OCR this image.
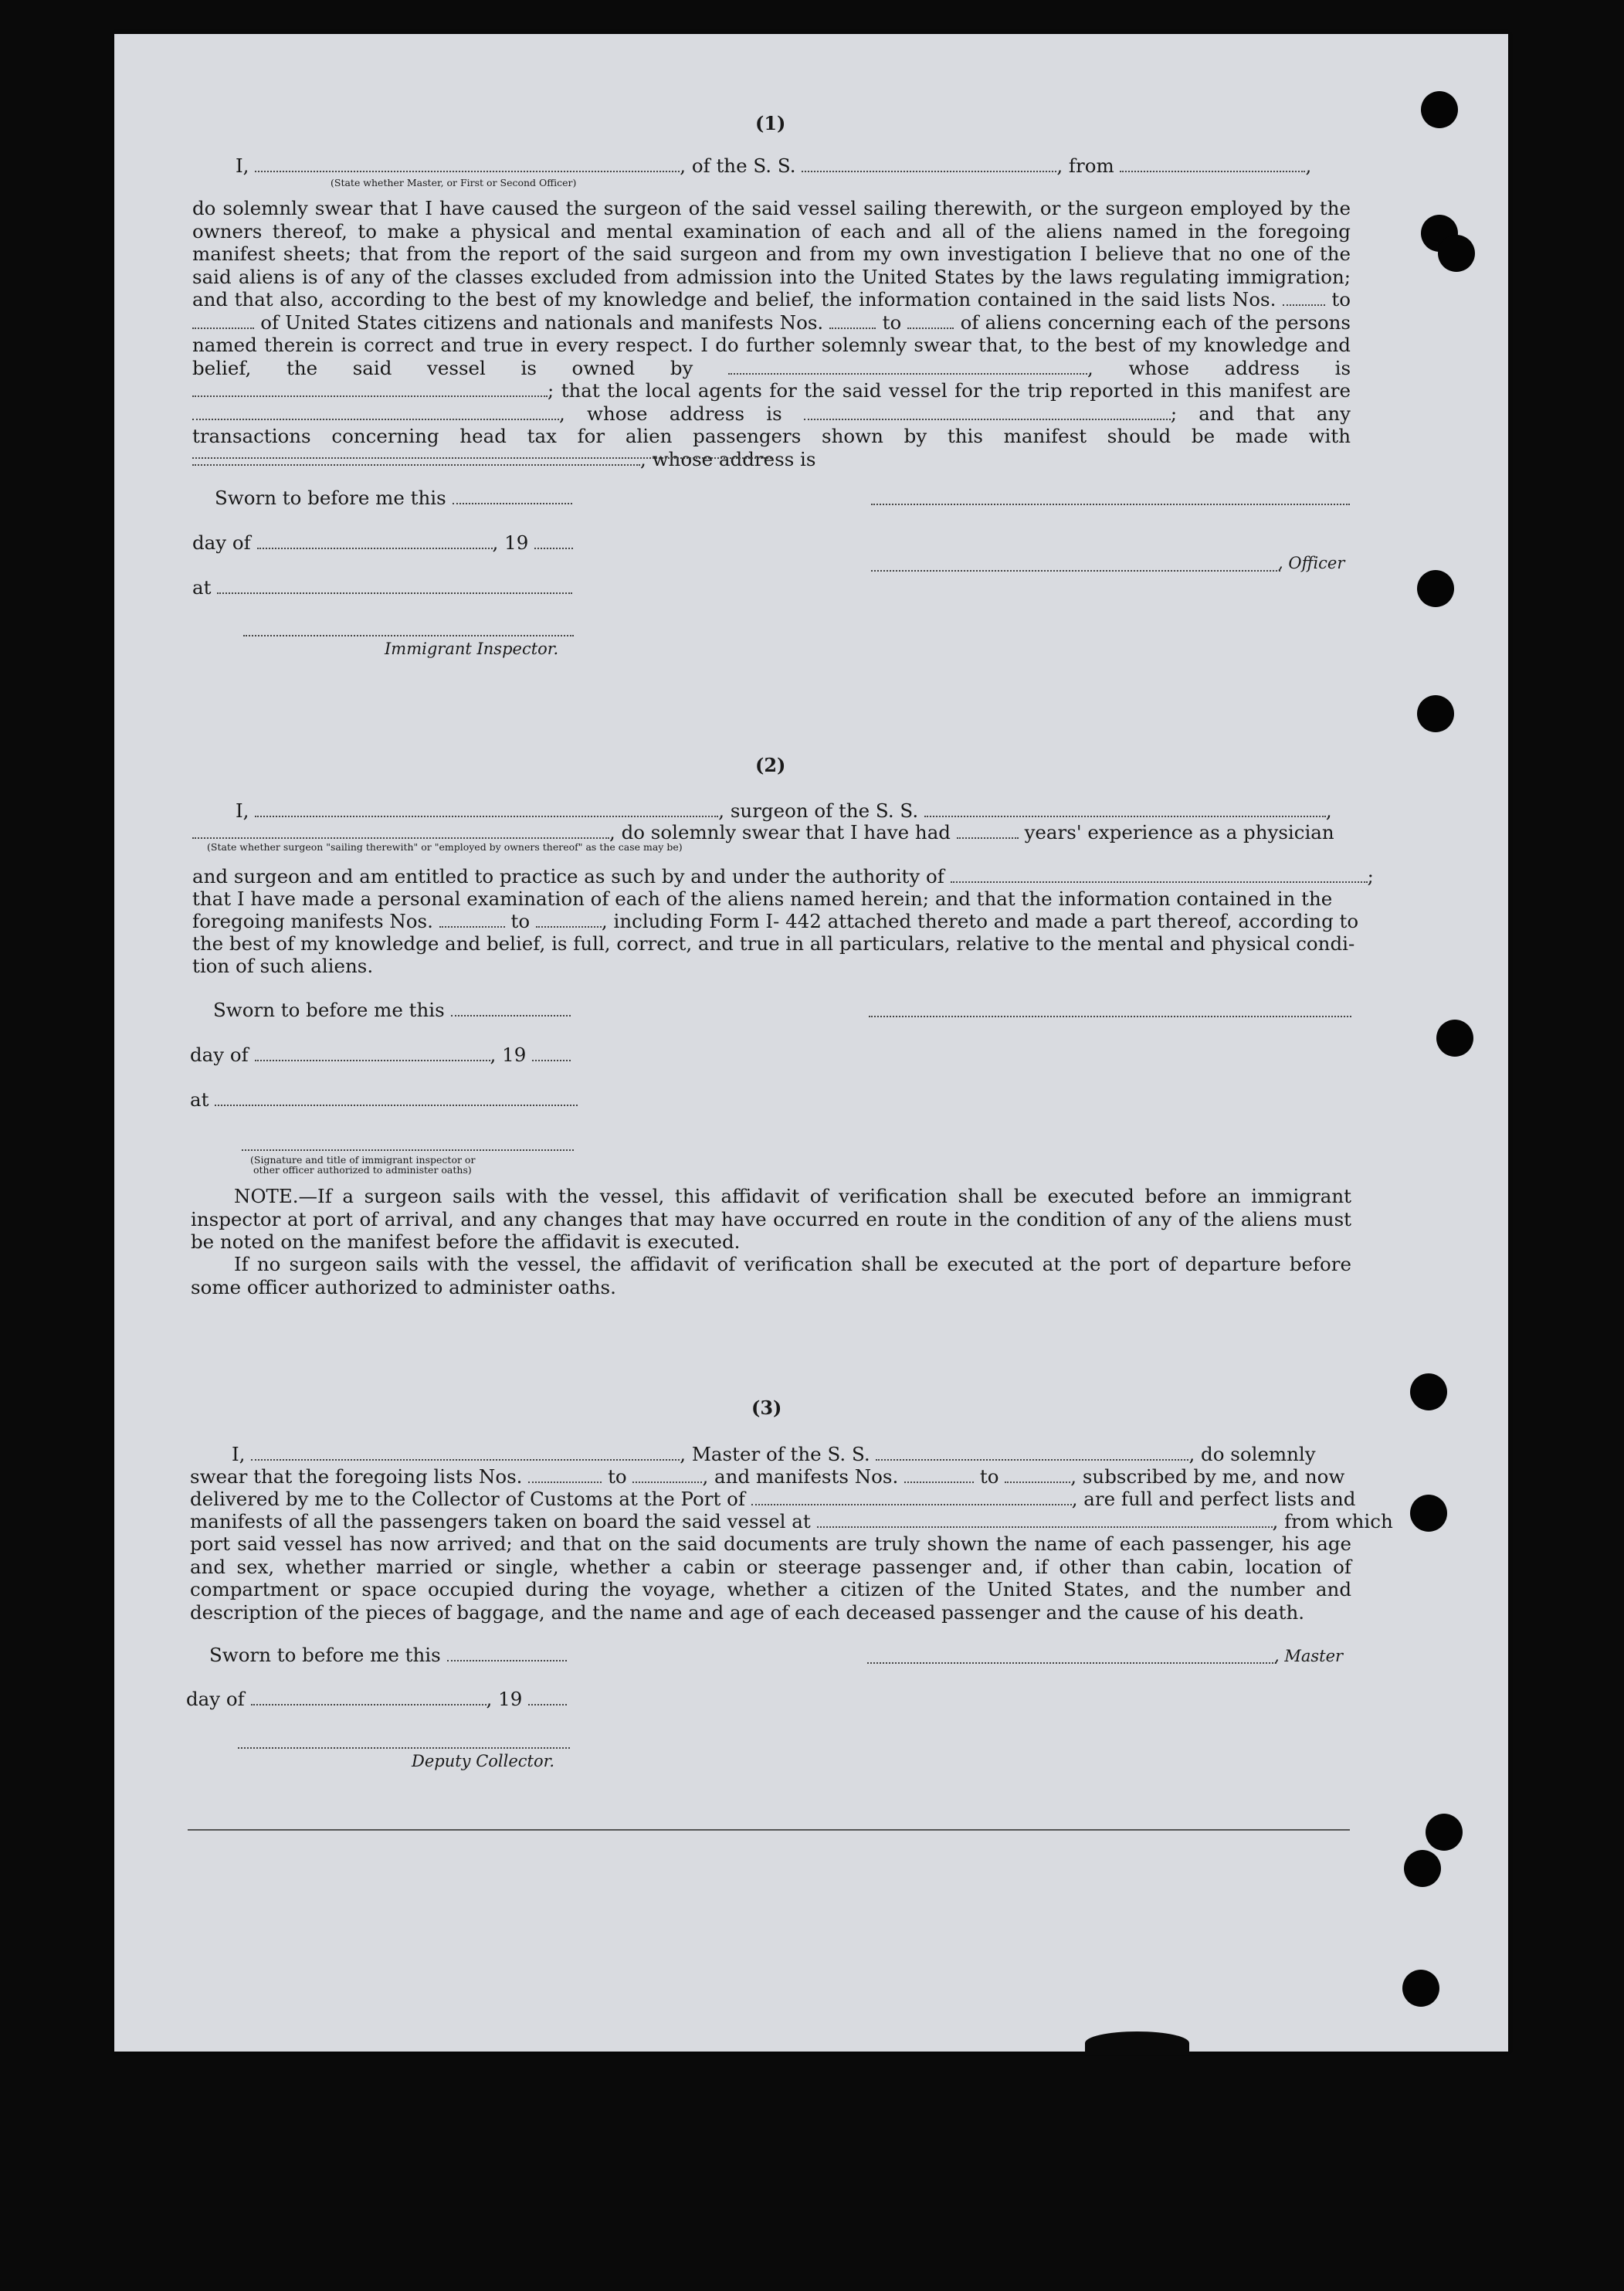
(1)
I,	, of the S. S.	, from	,
(State whether Master, or First or Second Officer)
do solemnly swear that I have caused the surgeon of the said vessel sailing therewith, or the surgeon employed by the owners thereof, to make a physical and mental examination of each and all of the aliens named in the foregoing manifest sheets; that from the report of the said surgeon and from my own investigation I believe that no one of the said aliens is of any of the classes excluded from admission into the United States by the laws regulating immigration; and that also, according to the best of my knowledge and belief, the information contained in the said lists Nos.	to  of United States citizens and nationals and manifests Nos.	to	of aliens concerning each of the persons named therein is correct and true in every respect. I do further solemnly swear that, to the best of my knowledge and belief, the said vessel is owned by	, whose address is ; that the local agents for the said vessel for the trip reported in this manifest are , whose address is	; and that any transactions concerning head tax for alien passengers shown by this manifest should be made with , whose address is
Sworn to before me this
day of	, 19
, Officer
at
Immigrant Inspector.
(2)
I,	, surgeon of the S. S.	,
, do solemnly swear that I have had	years' experience as a physician
(State whether surgeon "sailing therewith" or "employed by owners thereof" as the case may be)
and surgeon and am entitled to practice as such by and under the authority of	;
that I have made a personal examination of each of the aliens named herein; and that the information contained in the
foregoing manifests Nos.	to	, including Form I- 442 attached thereto and made a part thereof, according to
the best of my knowledge and belief, is full, correct, and true in all particulars, relative to the mental and physical condi-
tion of such aliens.
Sworn to before me this
day of	, 19
at
(Signature and title of immigrant inspector or
other officer authorized to administer oaths)
NOTE.—If a surgeon sails with the vessel, this affidavit of verification shall be executed before an immigrant inspector at port of arrival, and any changes that may have occurred en route in the condition of any of the aliens must be noted on the manifest before the affidavit is executed.
If no surgeon sails with the vessel, the affidavit of verification shall be executed at the port of departure before some officer authorized to administer oaths.
(3)
I,	, Master of the S. S.	, do solemnly
swear that the foregoing lists Nos.	to	, and manifests Nos.	to	, subscribed by me, and now
delivered by me to the Collector of Customs at the Port of	, are full and perfect lists and
manifests of all the passengers taken on board the said vessel at	, from which
port said vessel has now arrived; and that on the said documents are truly shown the name of each passenger, his age and sex, whether married or single, whether a cabin or steerage passenger and, if other than cabin, location of compartment or space occupied during the voyage, whether a citizen of the United States, and the number and description of the pieces of baggage, and the name and age of each deceased passenger and the cause of his death.
Sworn to before me this	, Master
day of	, 19
Deputy Collector.
